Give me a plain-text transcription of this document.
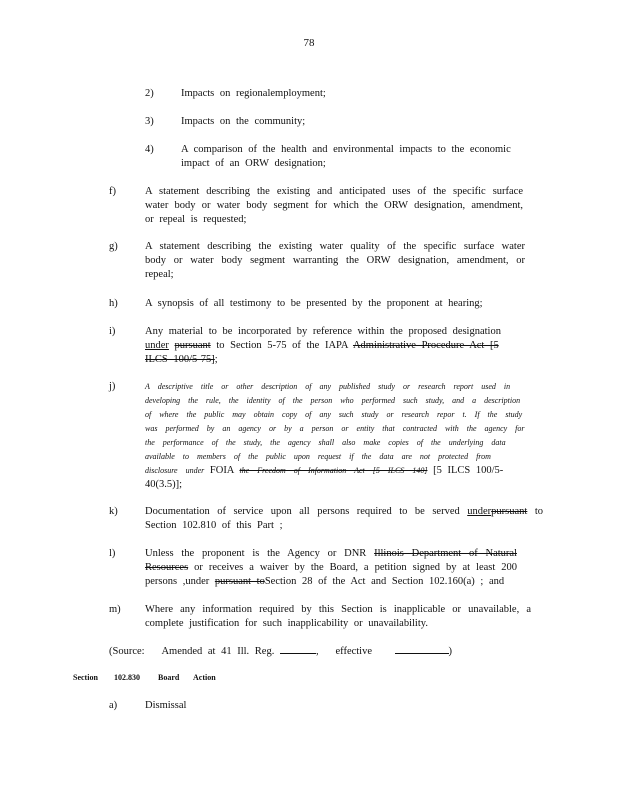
78
2)	Impacts on regionalemployment;
3)	Impacts on the community;
4)	A comparison of the health and environmental impacts to the economic
impact of an ORW designation;
f)	A statement describing the existing and anticipated uses of the specific surface water body or water body segment for which the ORW designation, amendment, or repeal is requested;
g)	A statement describing the existing water quality of the specific surface water body or water body segment warranting the ORW designation, amendment, or repeal;
h)	A synopsis of all testimony to be presented by the proponent at hearing;
i)	Any material to be incorporated by reference within the proposed designation under pursuant to Section 5-75 of the IAPA Administrative Procedure Act [5 ILCS 100/5-75];
j)	A descriptive title or other description of any published study or research report used in developing the rule, the identity of the person who performed such study, and a description of where the public may obtain copy of any such study or research repor t. If the study was performed by an agency or by a person or entity that contracted with the agency for the performance of the study, the agency shall also make copies of the underlying data available to members of the public upon request if the data are not protected from disclosure under FOIA the Freedom of Information Act [5 ILCS 140] [5 ILCS 100/5-40(3.5)];
k)	Documentation of service upon all persons required to be served underpursuant to Section 102.810 of this Part ;
l)	Unless the proponent is the Agency or DNR Illinois Department of Natural Resources or receives a waiver by the Board, a petition signed by at least 200 persons ,under pursuant toSection 28 of the Act and Section 102.160(a) ; and
m) Where any information required by this Section is inapplicable or unavailable, a complete justification for such inapplicability or unavailability.
(Source: Amended at 41 Ill. Reg.	,   effective	)
Section 102.830 Board Action
a)	Dismissal
